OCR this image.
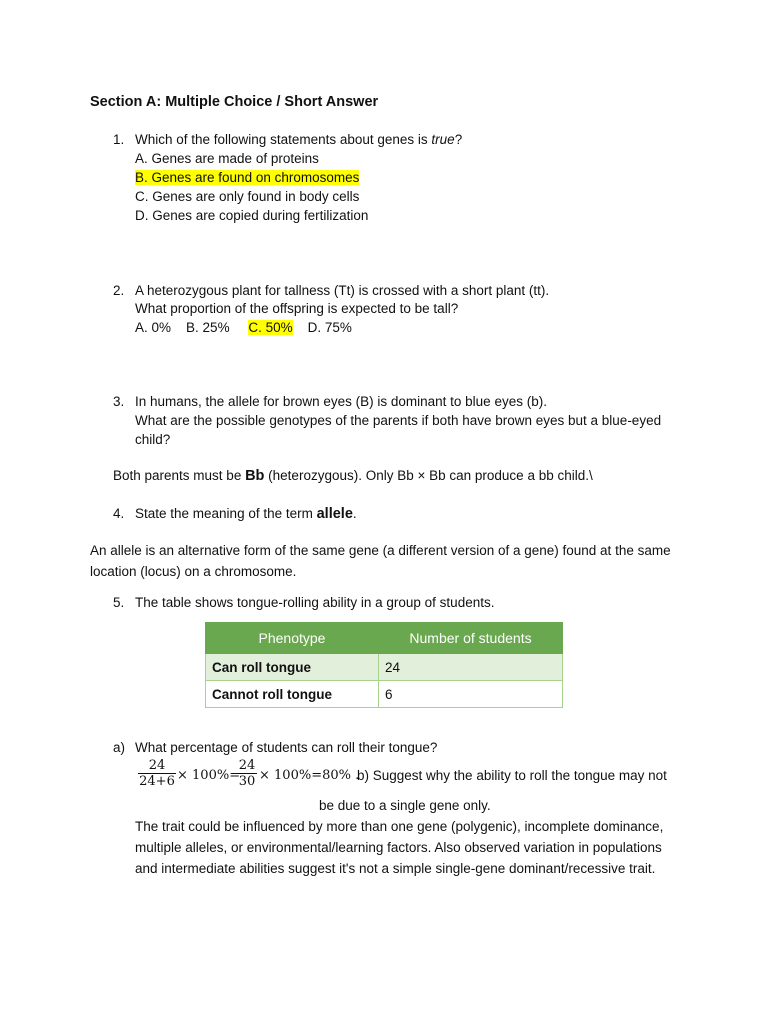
Section A: Multiple Choice / Short Answer
1. Which of the following statements about genes is true?
A. Genes are made of proteins
B. Genes are found on chromosomes
C. Genes are only found in body cells
D. Genes are copied during fertilization
2. A heterozygous plant for tallness (Tt) is crossed with a short plant (tt).
What proportion of the offspring is expected to be tall?
A. 0% B. 25% C. 50% D. 75%
3. In humans, the allele for brown eyes (B) is dominant to blue eyes (b).
What are the possible genotypes of the parents if both have brown eyes but a blue-eyed
child?
Both parents must be Bb (heterozygous). Only Bb × Bb can produce a bb child.\
4. State the meaning of the term allele.
An allele is an alternative form of the same gene (a different version of a gene) found at the same location (locus) on a chromosome.
5. The table shows tongue-rolling ability in a group of students.
Phenotype	Number of students
Can roll tongue	24
Cannot roll tongue	6
a) What percentage of students can roll their tongue?
$\frac{24}{24+6} \times 100\%=$
$\frac{24}{30} \times 100\%=80\%$ .
b) Suggest why the ability to roll the tongue may not
be due to a single gene only.
The trait could be influenced by more than one gene (polygenic), incomplete dominance, multiple alleles, or environmental/learning factors. Also observed variation in populations and intermediate abilities suggest it's not a simple single-gene dominant/recessive trait.
